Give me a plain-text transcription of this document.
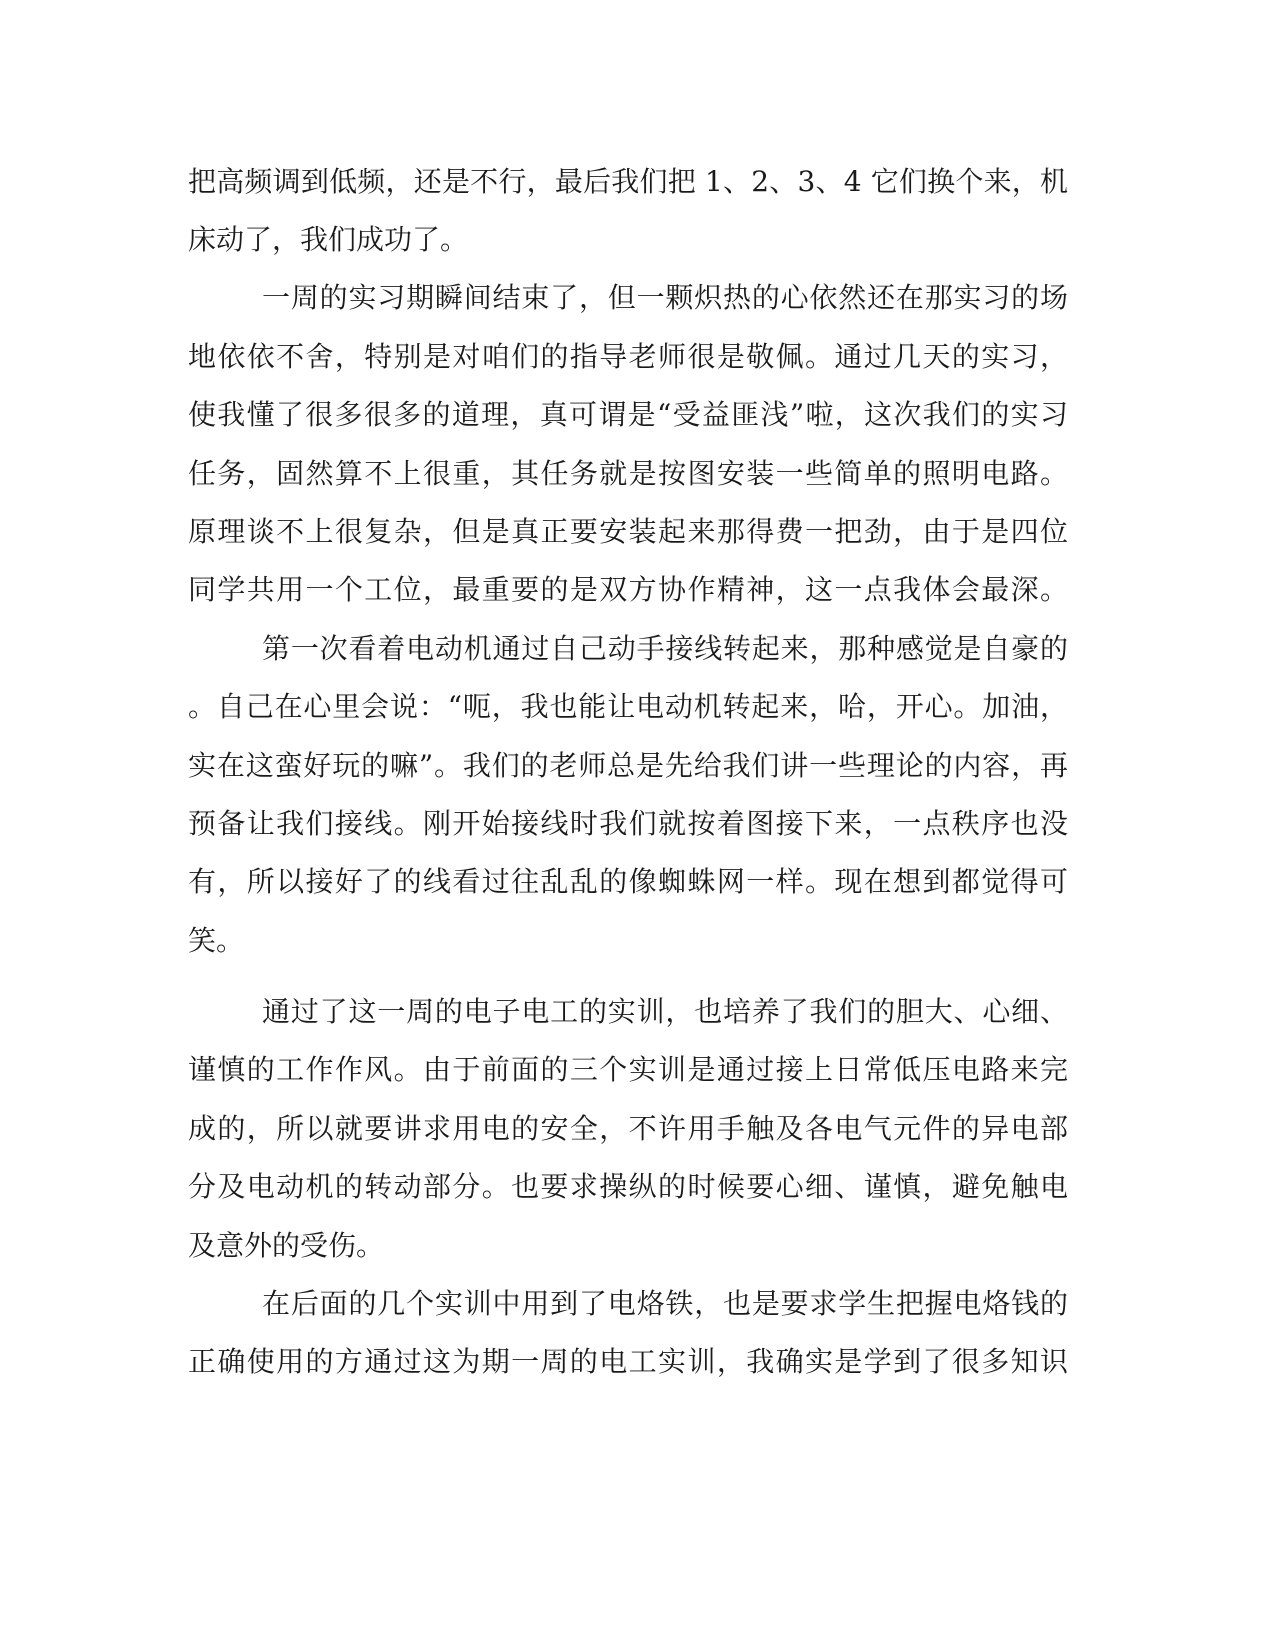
把高频调到低频，还是不行，最后我们把 1、2、3、4 它们换个来，机
床动了，我们成功了。
一周的实习期瞬间结束了，但一颗炽热的心依然还在那实习的场
地依依不舍，特别是对咱们的指导老师很是敬佩。通过几天的实习，
使我懂了很多很多的道理，真可谓是“受益匪浅”啦，这次我们的实习
任务，固然算不上很重，其任务就是按图安装一些简单的照明电路。
原理谈不上很复杂，但是真正要安装起来那得费一把劲，由于是四位
同学共用一个工位，最重要的是双方协作精神，这一点我体会最深。
第一次看着电动机通过自己动手接线转起来，那种感觉是自豪的
。自己在心里会说：“呃，我也能让电动机转起来，哈，开心。加油，
实在这蛮好玩的嘛”。我们的老师总是先给我们讲一些理论的内容，再
预备让我们接线。刚开始接线时我们就按着图接下来，一点秩序也没
有，所以接好了的线看过往乱乱的像蜘蛛网一样。现在想到都觉得可
笑。
通过了这一周的电子电工的实训，也培养了我们的胆大、心细、
谨慎的工作作风。由于前面的三个实训是通过接上日常低压电路来完
成的，所以就要讲求用电的安全，不许用手触及各电气元件的异电部
分及电动机的转动部分。也要求操纵的时候要心细、谨慎，避免触电
及意外的受伤。
在后面的几个实训中用到了电烙铁，也是要求学生把握电烙钱的
正确使用的方通过这为期一周的电工实训，我确实是学到了很多知识
